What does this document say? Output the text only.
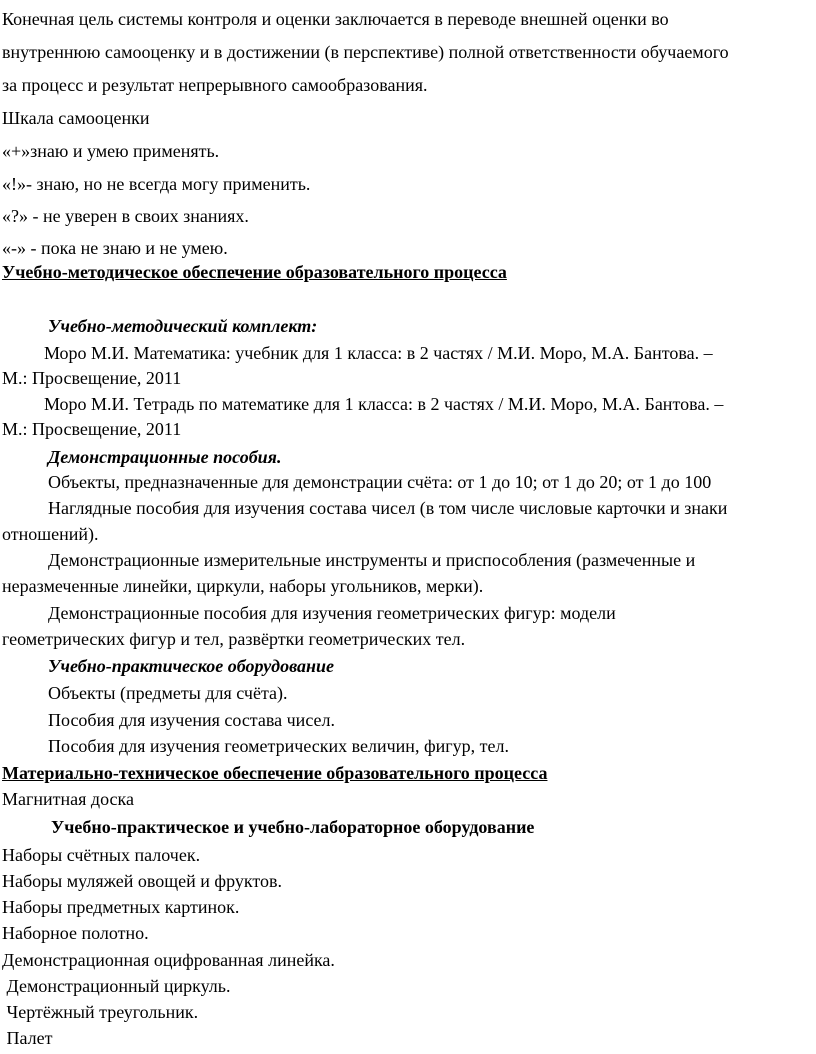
Конечная цель системы контроля и оценки заключается в переводе внешней оценки во
внутреннюю самооценку и в достижении (в перспективе) полной ответственности обучаемого
за процесс и результат непрерывного самообразования.
Шкала самооценки
«+»знаю и умею применять.
«!»- знаю, но не всегда могу применить.
«?» - не уверен в своих знаниях.
«-» - пока не знаю и не умею.
Учебно-методическое обеспечение образовательного процесса
Учебно-методический комплект:
Моро М.И. Математика: учебник для 1 класса: в 2 частях / М.И. Моро, М.А. Бантова. –
М.: Просвещение, 2011
Моро М.И. Тетрадь по математике для 1 класса: в 2 частях / М.И. Моро, М.А. Бантова. –
М.: Просвещение, 2011
Демонстрационные пособия.
Объекты, предназначенные для демонстрации счёта: от 1 до 10; от 1 до 20; от 1 до 100
Наглядные пособия для изучения состава чисел (в том числе числовые карточки и знаки
отношений).
Демонстрационные измерительные инструменты и приспособления (размеченные и
неразмеченные линейки, циркули, наборы угольников, мерки).
Демонстрационные пособия для изучения геометрических фигур: модели
геометрических фигур и тел, развёртки геометрических тел.
Учебно-практическое оборудование
Объекты (предметы для счёта).
Пособия для изучения состава чисел.
Пособия для изучения геометрических величин, фигур, тел.
Материально-техническое обеспечение образовательного процесса
Магнитная доска
Учебно-практическое и учебно-лабораторное оборудование
Наборы счётных палочек.
Наборы муляжей овощей и фруктов.
Наборы предметных картинок.
Наборное полотно.
Демонстрационная оцифрованная линейка.
Демонстрационный циркуль.
Чертёжный треугольник.
Палет
